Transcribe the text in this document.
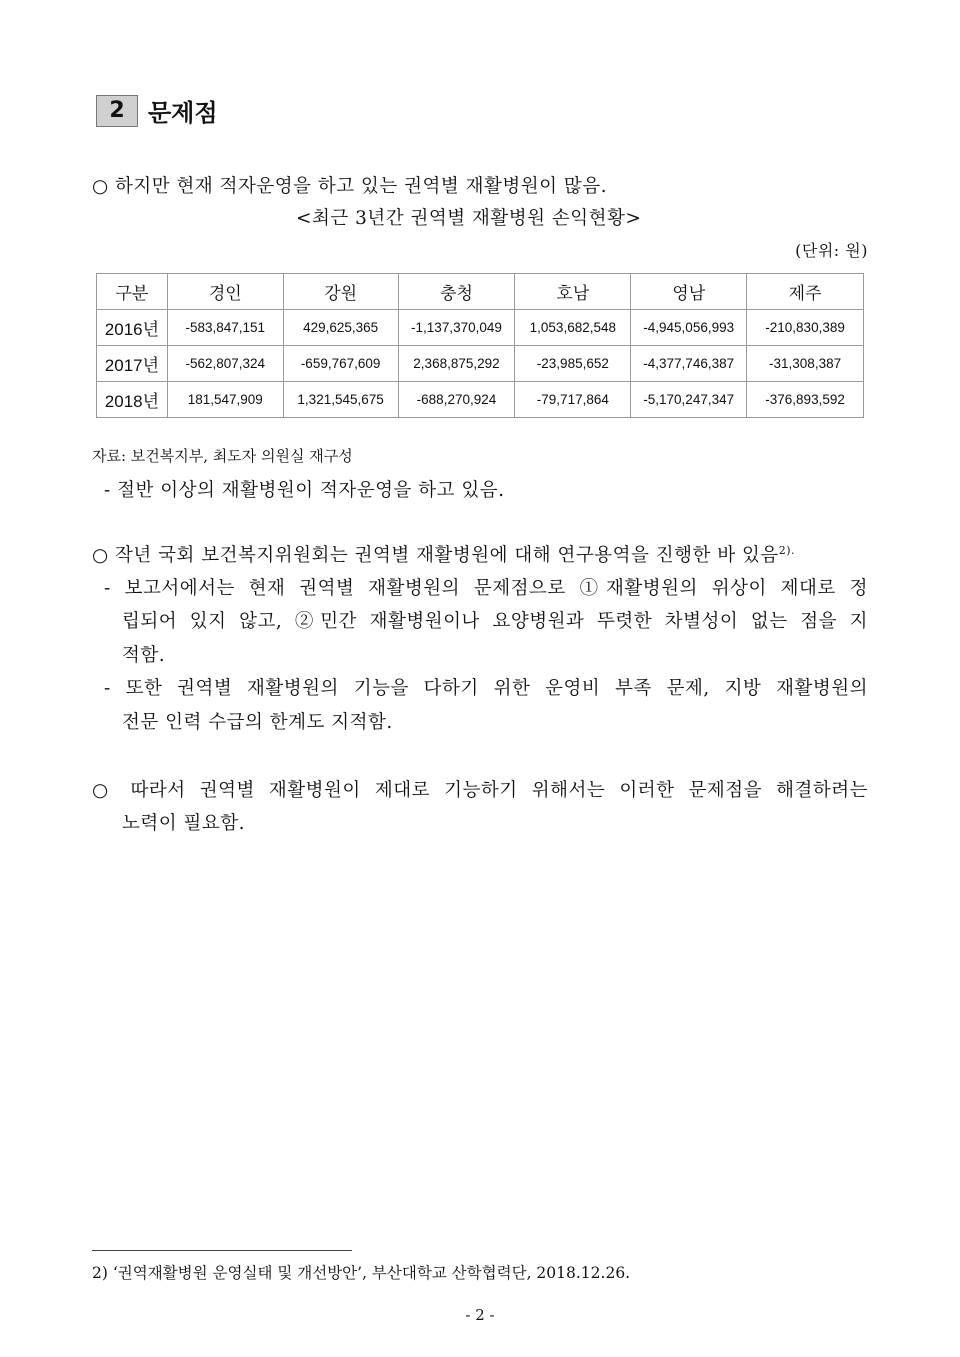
2 문제점
○ 하지만 현재 적자운영을 하고 있는 권역별 재활병원이 많음.
<최근 3년간 권역별 재활병원 손익현황>
(단위: 원)
구분	경인	강원	충청	호남	영남	제주
2016년	-583,847,151	429,625,365	-1,137,370,049	1,053,682,548	-4,945,056,993	-210,830,389
2017년	-562,807,324	-659,767,609	2,368,875,292	-23,985,652	-4,377,746,387	-31,308,387
2018년	181,547,909	1,321,545,675	-688,270,924	-79,717,864	-5,170,247,347	-376,893,592
자료: 보건복지부, 최도자 의원실 재구성
- 절반 이상의 재활병원이 적자운영을 하고 있음.
○ 작년 국회 보건복지위원회는 권역별 재활병원에 대해 연구용역을 진행한 바 있음$^{2).}$
- 보고서에서는 현재 권역별 재활병원의 문제점으로 ①재활병원의 위상이 제대로 정
립되어 있지 않고, ②민간 재활병원이나 요양병원과 뚜렷한 차별성이 없는 점을 지
적함.
- 또한 권역별 재활병원의 기능을 다하기 위한 운영비 부족 문제, 지방 재활병원의
전문 인력 수급의 한계도 지적함.
○ 따라서 권역별 재활병원이 제대로 기능하기 위해서는 이러한 문제점을 해결하려는
노력이 필요함.
2) ‘권역재활병원 운영실태 및 개선방안’, 부산대학교 산학협력단, 2018.12.26.
- 2 -
